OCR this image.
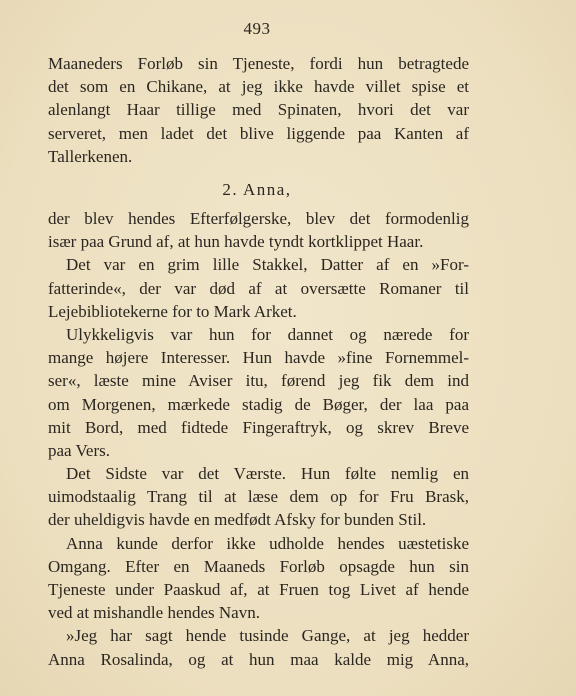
493
Maaneders Forløb sin Tjeneste, fordi hun betragtede
det som en Chikane, at jeg ikke havde villet spise et
alenlangt Haar tillige med Spinaten, hvori det var
serveret, men ladet det blive liggende paa Kanten af
Tallerkenen.
2. Anna,
der blev hendes Efterfølgerske, blev det formodenlig
især paa Grund af, at hun havde tyndt kortklippet Haar.
Det var en grim lille Stakkel, Datter af en »For-
fatterinde«, der var død af at oversætte Romaner til
Lejebibliotekerne for to Mark Arket.
Ulykkeligvis var hun for dannet og nærede for
mange højere Interesser. Hun havde »fine Fornemmel-
ser«, læste mine Aviser itu, førend jeg fik dem ind
om Morgenen, mærkede stadig de Bøger, der laa paa
mit Bord, med fidtede Fingeraftryk, og skrev Breve
paa Vers.
Det Sidste var det Værste. Hun følte nemlig en
uimodstaalig Trang til at læse dem op for Fru Brask,
der uheldigvis havde en medfødt Afsky for bunden Stil.
Anna kunde derfor ikke udholde hendes uæstetiske
Omgang. Efter en Maaneds Forløb opsagde hun sin
Tjeneste under Paaskud af, at Fruen tog Livet af hende
ved at mishandle hendes Navn.
»Jeg har sagt hende tusinde Gange, at jeg hedder
Anna Rosalinda, og at hun maa kalde mig Anna,
